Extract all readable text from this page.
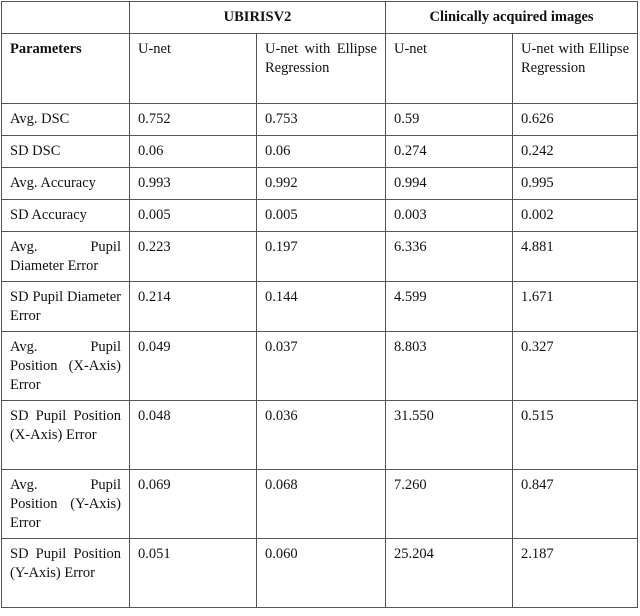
	UBIRISV2		Clinically acquired images	
Parameters	U-net	U-net with Ellipse Regression	U-net	U-net with Ellipse Regression
Avg. DSC	0.752	0.753	0.59	0.626
SD DSC	0.06	0.06	0.274	0.242
Avg. Accuracy	0.993	0.992	0.994	0.995
SD Accuracy	0.005	0.005	0.003	0.002
Avg. Pupil Diameter Error	0.223	0.197	6.336	4.881
SD Pupil Diameter Error	0.214	0.144	4.599	1.671
Avg. Pupil Position (X-Axis) Error	0.049	0.037	8.803	0.327
SD Pupil Position (X-Axis) Error	0.048	0.036	31.550	0.515
Avg. Pupil Position (Y-Axis) Error	0.069	0.068	7.260	0.847
SD Pupil Position (Y-Axis) Error	0.051	0.060	25.204	2.187
